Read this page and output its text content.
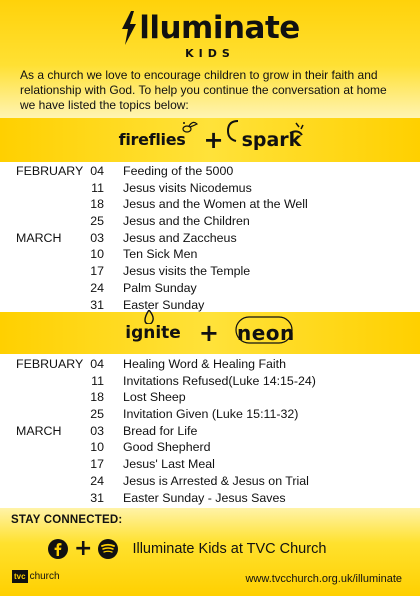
lluminate
KIDS
As a church we love to encourage children to grow in their faith and relationship with God. To help you continue the conversation at home we have listed the topics below:
fireflies + spark
FEBRUARY 04 Feeding of the 5000
11 Jesus visits Nicodemus
18 Jesus and the Women at the Well
25 Jesus and the Children
MARCH	03 Jesus and Zaccheus
10 Ten Sick Men
17 Jesus visits the Temple
24 Palm Sunday
31 Easter Sunday
ignite + neon
FEBRUARY 04 Healing Word & Healing Faith
11 Invitations Refused(Luke 14:15-24)
18 Lost Sheep
25 Invitation Given (Luke 15:11-32)
MARCH	03 Bread for Life
10 Good Shepherd
17 Jesus' Last Meal
24 Jesus is Arrested & Jesus on Trial
31 Easter Sunday - Jesus Saves
STAY CONNECTED:
+	Illuminate Kids at TVC Church
tvc church	www.tvcchurch.org.uk/illuminate
